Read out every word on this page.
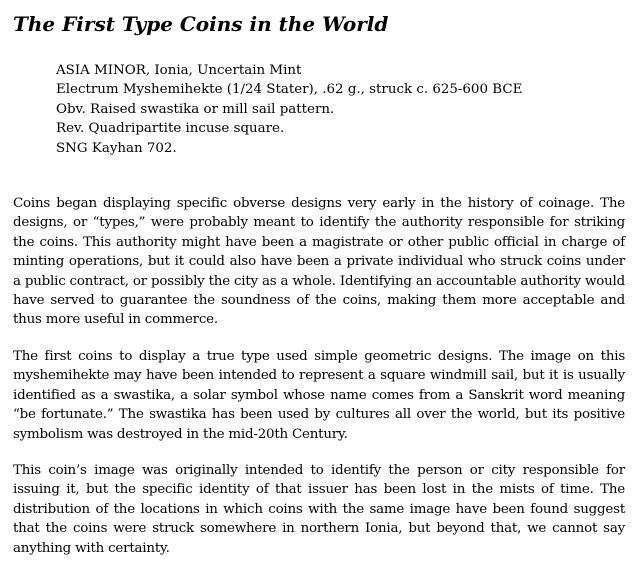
The First Type Coins in the World
ASIA MINOR, Ionia, Uncertain Mint
Electrum Myshemihekte (1/24 Stater), .62 g., struck c. 625-600 BCE
Obv. Raised swastika or mill sail pattern.
Rev. Quadripartite incuse square.
SNG Kayhan 702.

Coins began displaying specific obverse designs very early in the history of coinage. The designs, or “types,” were probably meant to identify the authority responsible for striking the coins. This authority might have been a magistrate or other public official in charge of minting operations, but it could also have been a private individual who struck coins under a public contract, or possibly the city as a whole. Identifying an accountable authority would have served to guarantee the soundness of the coins, making them more acceptable and thus more useful in commerce.

The first coins to display a true type used simple geometric designs. The image on this myshemihekte may have been intended to represent a square windmill sail, but it is usually identified as a swastika, a solar symbol whose name comes from a Sanskrit word meaning “be fortunate.” The swastika has been used by cultures all over the world, but its positive symbolism was destroyed in the mid-20th Century.

This coin’s image was originally intended to identify the person or city responsible for issuing it, but the specific identity of that issuer has been lost in the mists of time. The distribution of the locations in which coins with the same image have been found suggest that the coins were struck somewhere in northern Ionia, but beyond that, we cannot say anything with certainty.
